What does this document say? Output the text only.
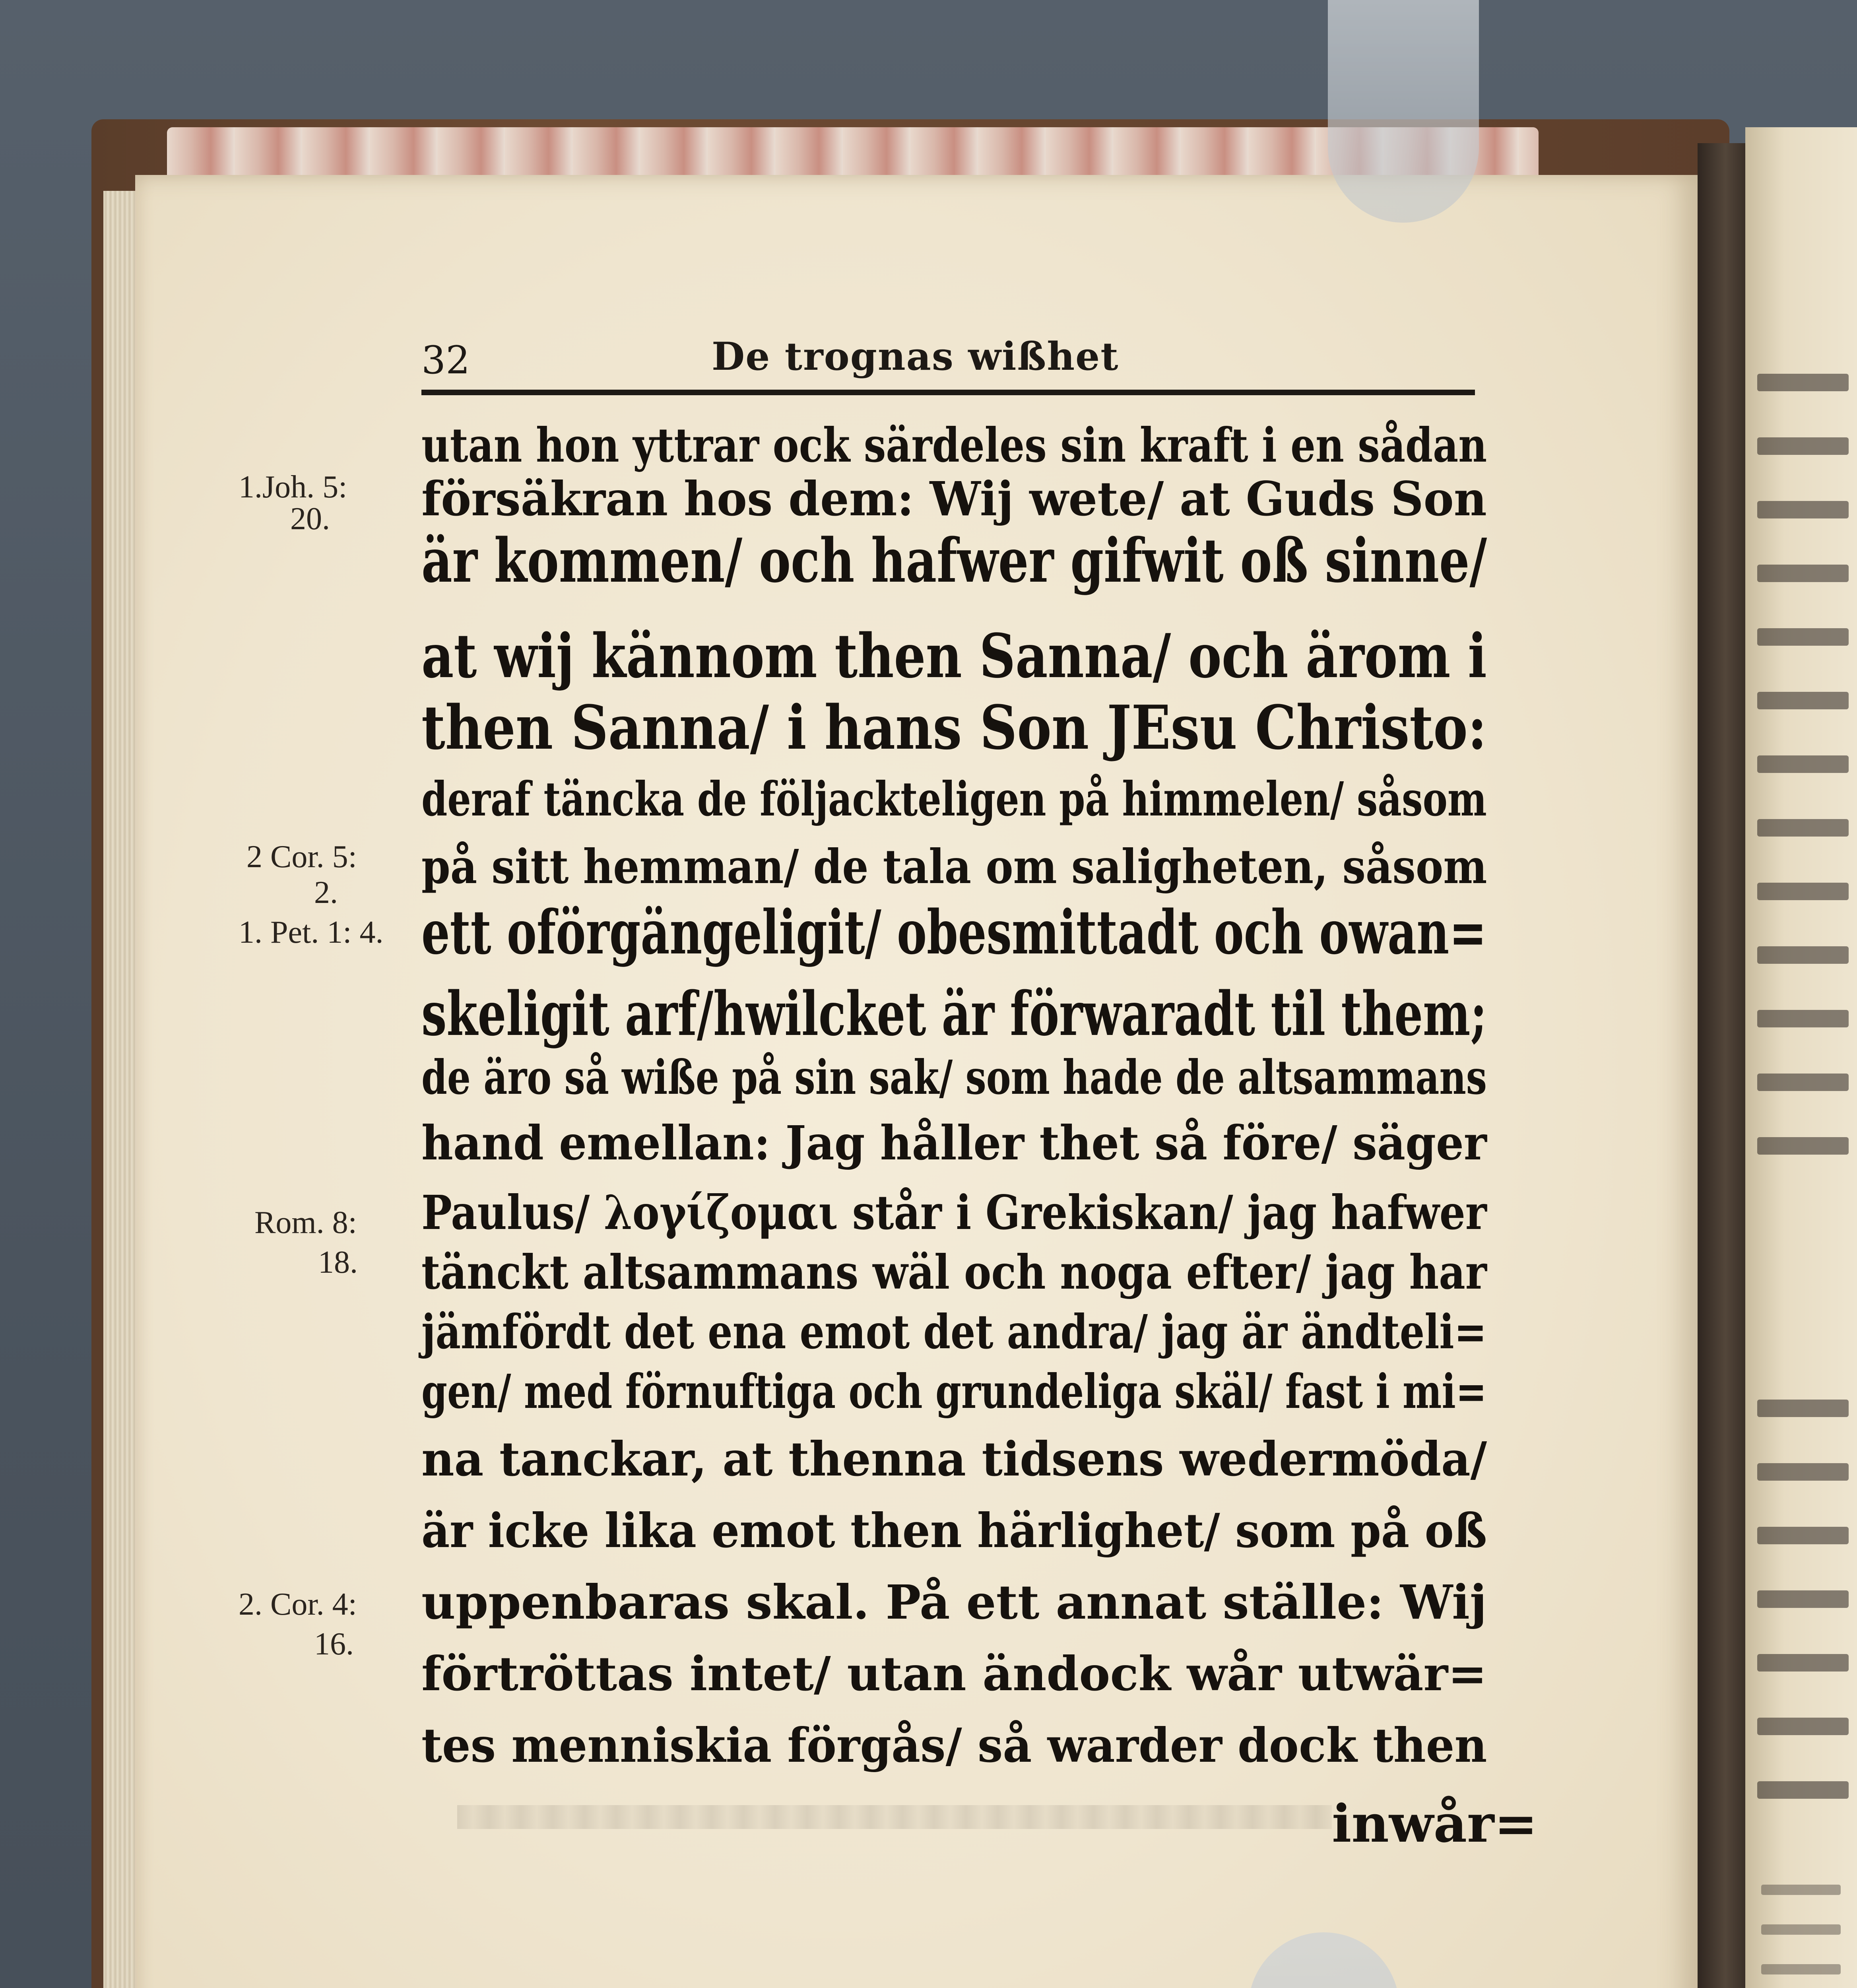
32	De trognas wißhet
utan hon yttrar ock särdeles sin kraft i en sådan
försäkran hos dem: Wij wete/ at Guds Son
är kommen/ och hafwer gifwit oß sinne/
at wij kännom then Sanna/ och ärom i
then Sanna/ i hans Son JEsu Christo:
deraf täncka de följackteligen på himmelen/ såsom
på sitt hemman/ de tala om saligheten, såsom
ett oförgängeligit/ obesmittadt och owan=
skeligit arf/hwilcket är förwaradt til them;
de äro så wiße på sin sak/ som hade de altsammans
hand emellan: Jag håller thet så före/ säger
Paulus/ λογίζομαι står i Grekiskan/ jag hafwer
tänckt altsammans wäl och noga efter/ jag har
jämfördt det ena emot det andra/ jag är ändteli=
gen/ med förnuftiga och grundeliga skäl/ fast i mi=
na tanckar, at thenna tidsens wedermöda/
är icke lika emot then härlighet/ som på oß
uppenbaras skal. På ett annat ställe: Wij
förtröttas intet/ utan ändock wår utwär=
tes menniskia förgås/ så warder dock then
1.Joh. 5:
20.
2 Cor. 5:
2.
1. Pet. 1: 4.
Rom. 8:
18.
2. Cor. 4:
16.
inwår=
